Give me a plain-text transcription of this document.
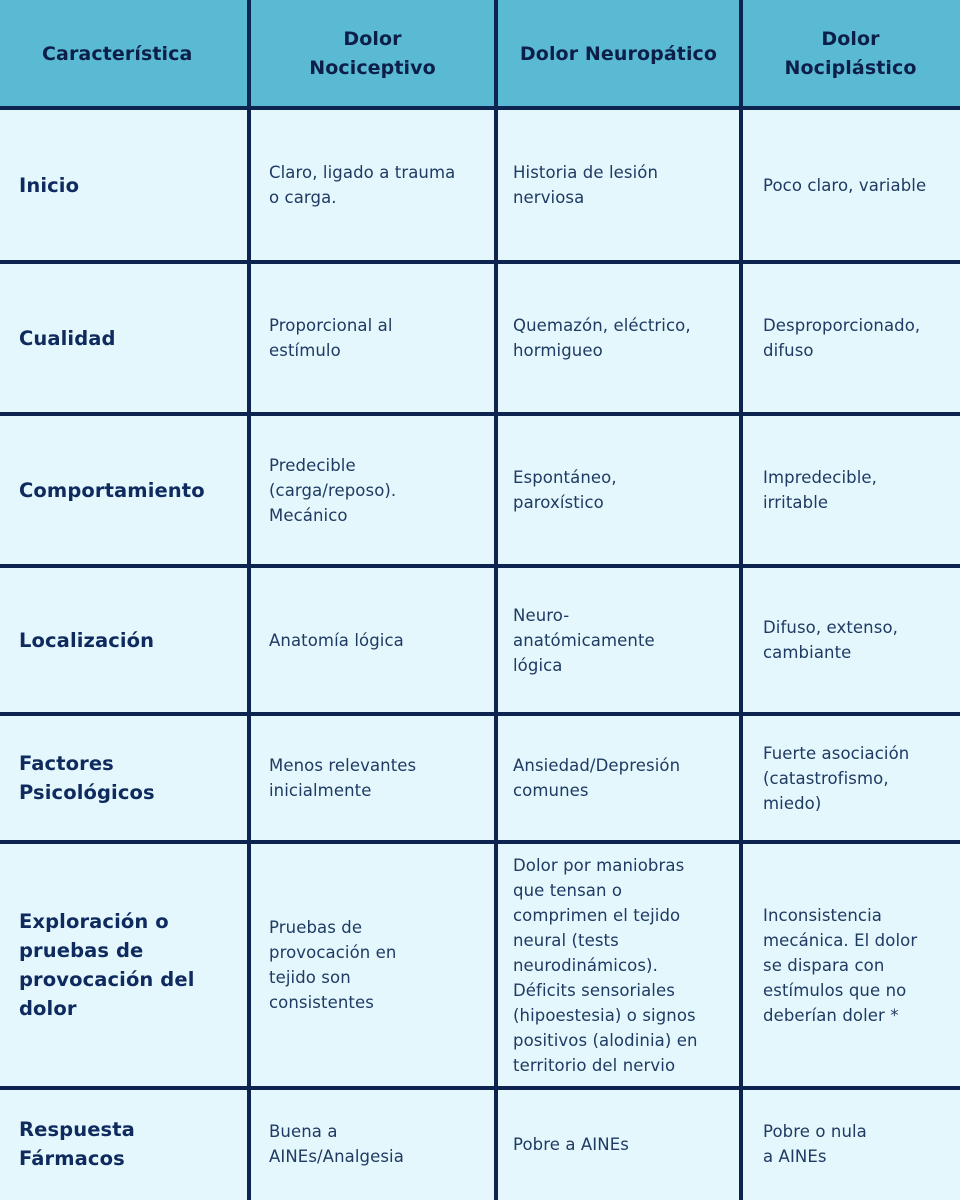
Característica
Dolor
Nociceptivo
Dolor Neuropático
Dolor
Nociplástico
Inicio
Claro, ligado a trauma
o carga.
Historia de lesión
nerviosa
Poco claro, variable
Cualidad
Proporcional al
estímulo
Quemazón, eléctrico,
hormigueo
Desproporcionado,
difuso
Comportamiento
Predecible
(carga/reposo).
Mecánico
Espontáneo,
paroxístico
Impredecible,
irritable
Localización	Anatomía lógica
Neuro-
anatómicamente
lógica
Difuso, extenso,
cambiante
Factores
Psicológicos
Menos relevantes
inicialmente
Ansiedad/Depresión
comunes
Fuerte asociación
(catastrofismo,
miedo)
Exploración o
pruebas de
provocación del
dolor
Pruebas de
provocación en
tejido son
consistentes
Dolor por maniobras
que tensan o
comprimen el tejido
neural (tests
neurodinámicos).
Déficits sensoriales
(hipoestesia) o signos
positivos (alodinia) en
territorio del nervio
Inconsistencia
mecánica. El dolor
se dispara con
estímulos que no
deberían doler *
Respuesta
Fármacos
Buena a
AINEs/Analgesia
Pobre a AINEs
Pobre o nula
a AINEs
